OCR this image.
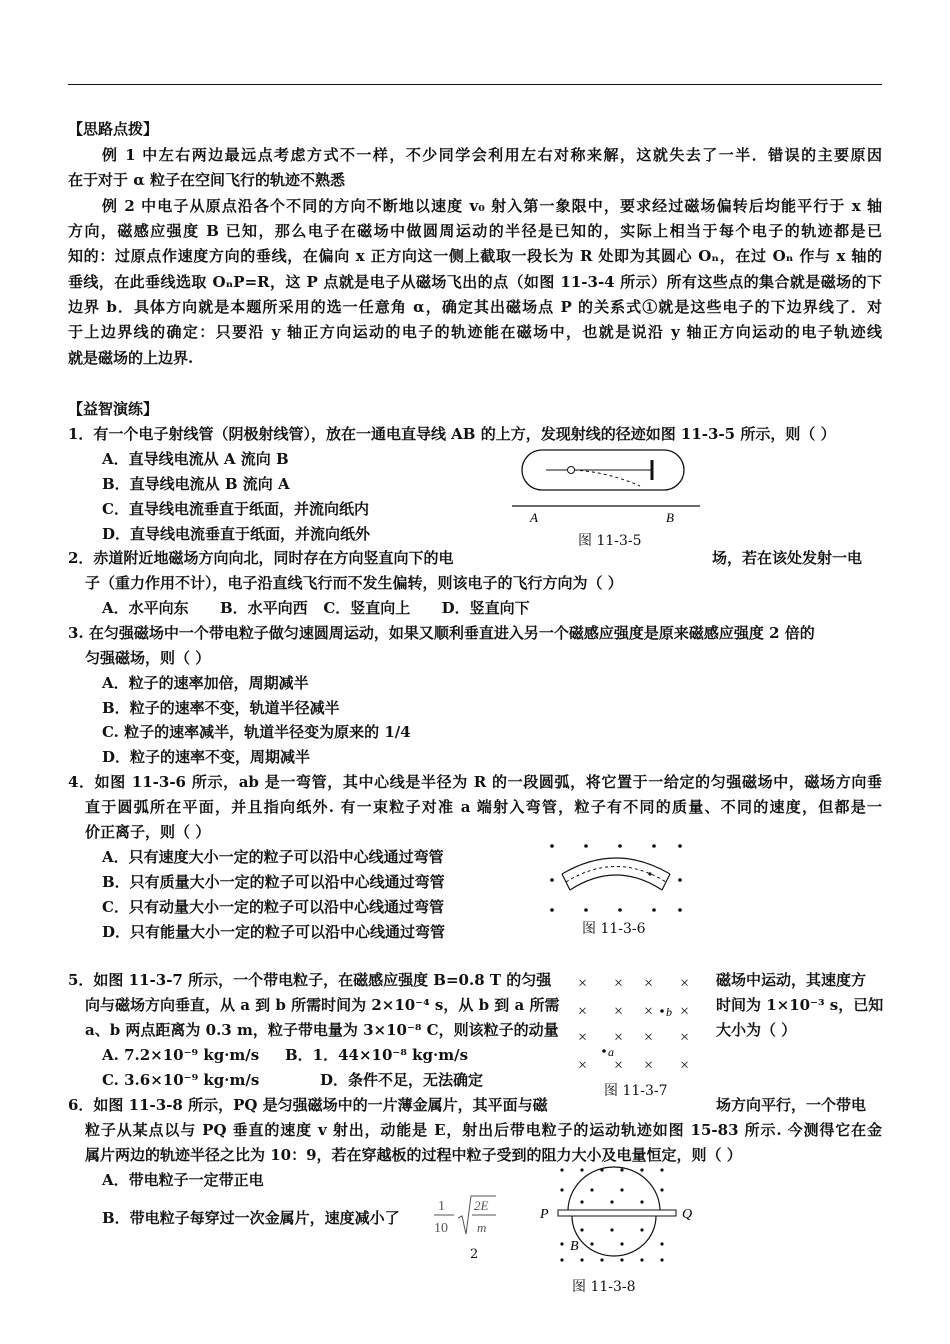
【思路点拨】
例 1 中左右两边最远点考虑方式不一样，不少同学会利用左右对称来解，这就失去了一半．错误的主要原因
在于对于 α 粒子在空间飞行的轨迹不熟悉
例 2 中电子从原点沿各个不同的方向不断地以速度 v₀ 射入第一象限中，要求经过磁场偏转后均能平行于 x 轴
方向，磁感应强度 B 已知，那么电子在磁场中做圆周运动的半径是已知的，实际上相当于每个电子的轨迹都是已
知的：过原点作速度方向的垂线，在偏向 x 正方向这一侧上截取一段长为 R 处即为其圆心 Oₙ，在过 Oₙ 作与 x 轴的
垂线，在此垂线选取 OₙP=R，这 P 点就是电子从磁场飞出的点（如图 11-3-4 所示）所有这些点的集合就是磁场的下
边界 b．具体方向就是本题所采用的选一任意角 α，确定其出磁场点 P 的关系式①就是这些电子的下边界线了．对
于上边界线的确定：只要沿 y 轴正方向运动的电子的轨迹能在磁场中，也就是说沿 y 轴正方向运动的电子轨迹线
就是磁场的上边界.
【益智演练】
1．有一个电子射线管（阴极射线管），放在一通电直导线 AB 的上方，发现射线的径迹如图 11-3-5 所示，则（ ）
A．直导线电流从 A 流向 B
B．直导线电流从 B 流向 A
C．直导线电流垂直于纸面，并流向纸内
D．直导线电流垂直于纸面，并流向纸外
A	B
图 11-3-5
2．赤道附近地磁场方向向北，同时存在方向竖直向下的电	场，若在该处发射一电
子（重力作用不计），电子沿直线飞行而不发生偏转，则该电子的飞行方向为（ ）
A．水平向东      B．水平向西   C．竖直向上      D．竖直向下
3. 在匀强磁场中一个带电粒子做匀速圆周运动，如果又顺利垂直进入另一个磁感应强度是原来磁感应强度 2 倍的
匀强磁场，则（ ）
A．粒子的速率加倍，周期减半
B．粒子的速率不变，轨道半径减半
C. 粒子的速率减半，轨道半径变为原来的 1/4
D．粒子的速率不变，周期减半
4．如图 11-3-6 所示，ab 是一弯管，其中心线是半径为 R 的一段圆弧，将它置于一给定的匀强磁场中，磁场方向垂
直于圆弧所在平面，并且指向纸外. 有一束粒子对准 a 端射入弯管，粒子有不同的质量、不同的速度，但都是一
价正离子，则（ ）
A．只有速度大小一定的粒子可以沿中心线通过弯管
B．只有质量大小一定的粒子可以沿中心线通过弯管
C．只有动量大小一定的粒子可以沿中心线通过弯管
D．只有能量大小一定的粒子可以沿中心线通过弯管	图 11-3-6
5．如图 11-3-7 所示，一个带电粒子，在磁感应强度 B=0.8 T 的匀强
向与磁场方向垂直，从 a 到 b 所需时间为 2×10⁻⁴ s，从 b 到 a 所需
a、b 两点距离为 0.3 m，粒子带电量为 3×10⁻⁸ C，则该粒子的动量
磁场中运动，其速度方
时间为 1×10⁻³ s，已知
大小为（ ）
A. 7.2×10⁻⁹ kg·m/s B．1．44×10⁻⁸ kg·m/s
C. 3.6×10⁻⁹ kg·m/s	D．条件不足，无法确定
× × × ×
× × × ×
× × × ×
× × × ×
b
a
图 11-3-7
6．如图 11-3-8 所示，PQ 是匀强磁场中的一片薄金属片，其平面与磁	场方向平行，一个带电
粒子从某点以与 PQ 垂直的速度 v 射出，动能是 E，射出后带电粒子的运动轨迹如图 15-83 所示. 今测得它在金
属片两边的轨迹半径之比为 10：9，若在穿越板的过程中粒子受到的阻力大小及电量恒定，则（ ）
A．带电粒子一定带正电
B．带电粒子每穿过一次金属片，速度减小了
1
10
2E
m
P	Q
B
图 11-3-8
2
